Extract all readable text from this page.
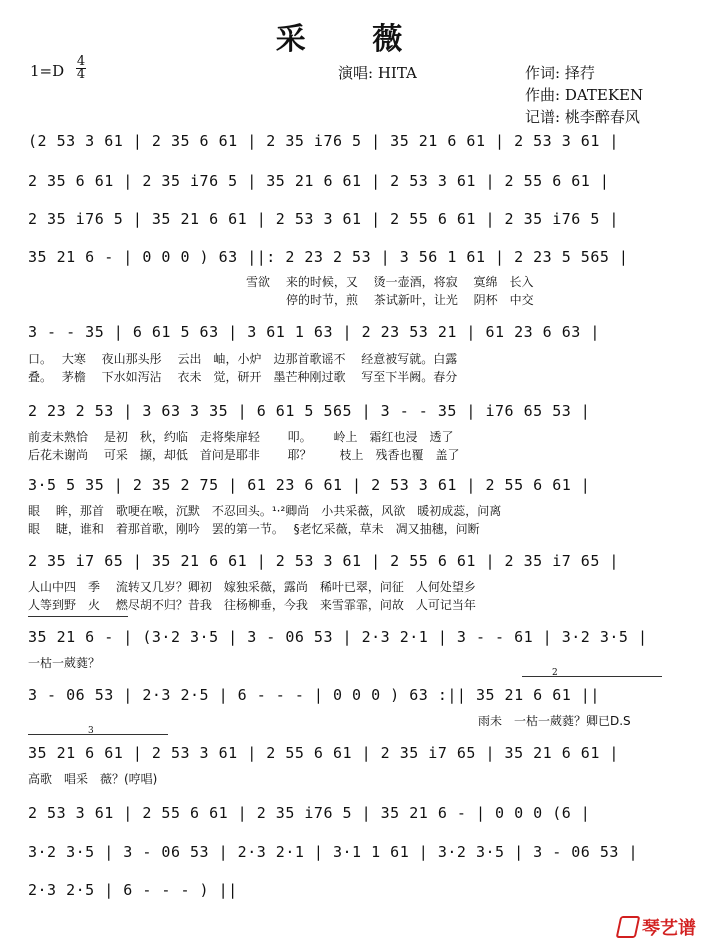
采 薇
1=D
4
4	演唱: HITA	作词: 择荇
作曲: DATEKEN
记谱: 桃李醉春风
(2 53 3 61 | 2 35 6 61 | 2 35 i76 5 | 35 21 6 61 | 2 53 3 61 |
2 35 6 61 | 2 35 i76 5 | 35 21 6 61 | 2 53 3 61 | 2 55 6 61 |
2 35 i76 5 | 35 21 6 61 | 2 53 3 61 | 2 55 6 61 | 2 35 i76 5 |
35 21 6 - | 0 0 0 ) 63 ||: 2 23 2 53 | 3 56 1 61 | 2 23 5 565 |
雪欲　 来的时候，又　 烫一壶酒，将寂　 寞绵　长入
停的时节，煎　 茶试新叶，让光　 阴杯　中交
3 - - 35 | 6 61 5 63 | 3 61 1 63 | 2 23 53 21 | 61 23 6 63 |
口。　 大寒　 夜山那头彤　 云出　岫，小炉　边那首歌谣不　 经意被写就。白露
叠。　 茅檐　 下水如泻沾　 衣未　觉，研开　墨芒种刚过歌　 写至下半阙。春分
2 23 2 53 | 3 63 3 35 | 6 61 5 565 | 3 - - 35 | i76 65 53 |
前麦未熟恰　 是初　秋，约临　走将柴扉轻　　 叩。　　 岭上　霜红也浸　透了
后花未谢尚　 可采　撷，却低　首问是耶非　　 耶？　　 枝上　残香也覆　盖了
3·5 5 35 | 2 35 2 75 | 61 23 6 61 | 2 53 3 61 | 2 55 6 61 |
眼　 眸，那首　歌哽在喉，沉默　不忍回头。¹·²卿尚　小共采薇，风欲　暖初成蕊，问离
眼　 睫，谁和　着那首歌，刚吟　罢的第一节。　 §老忆采薇，草未　凋又抽穗，问断
2 35 i7 65 | 35 21 6 61 | 2 53 3 61 | 2 55 6 61 | 2 35 i7 65 |
人山中四　季　 流转又几岁？卿初　嫁独采薇，露尚　稀叶已翠，问征　人何处望乡
人等到野　火　 燃尽胡不归？昔我　往杨柳垂，今我　来雪霏霏，问故　人可记当年
35 21 6 - | (3·2 3·5 | 3 - 06 53 | 2·3 2·1 | 3 - - 61 | 3·2 3·5 |
一枯一葳蕤？
2
3 - 06 53 | 2·3 2·5 | 6 - - - | 0 0 0 ) 63 :|| 35 21 6 61 ||
雨未　一枯一葳蕤？卿已D.S
3
35 21 6 61 | 2 53 3 61 | 2 55 6 61 | 2 35 i7 65 | 35 21 6 61 |
高歌　唱采　薇？(哼唱)
2 53 3 61 | 2 55 6 61 | 2 35 i76 5 | 35 21 6 - | 0 0 0 (6 |
3·2 3·5 | 3 - 06 53 | 2·3 2·1 | 3·1 1 61 | 3·2 3·5 | 3 - 06 53 |
2·3 2·5 | 6 - - - ) ||
琴艺谱
